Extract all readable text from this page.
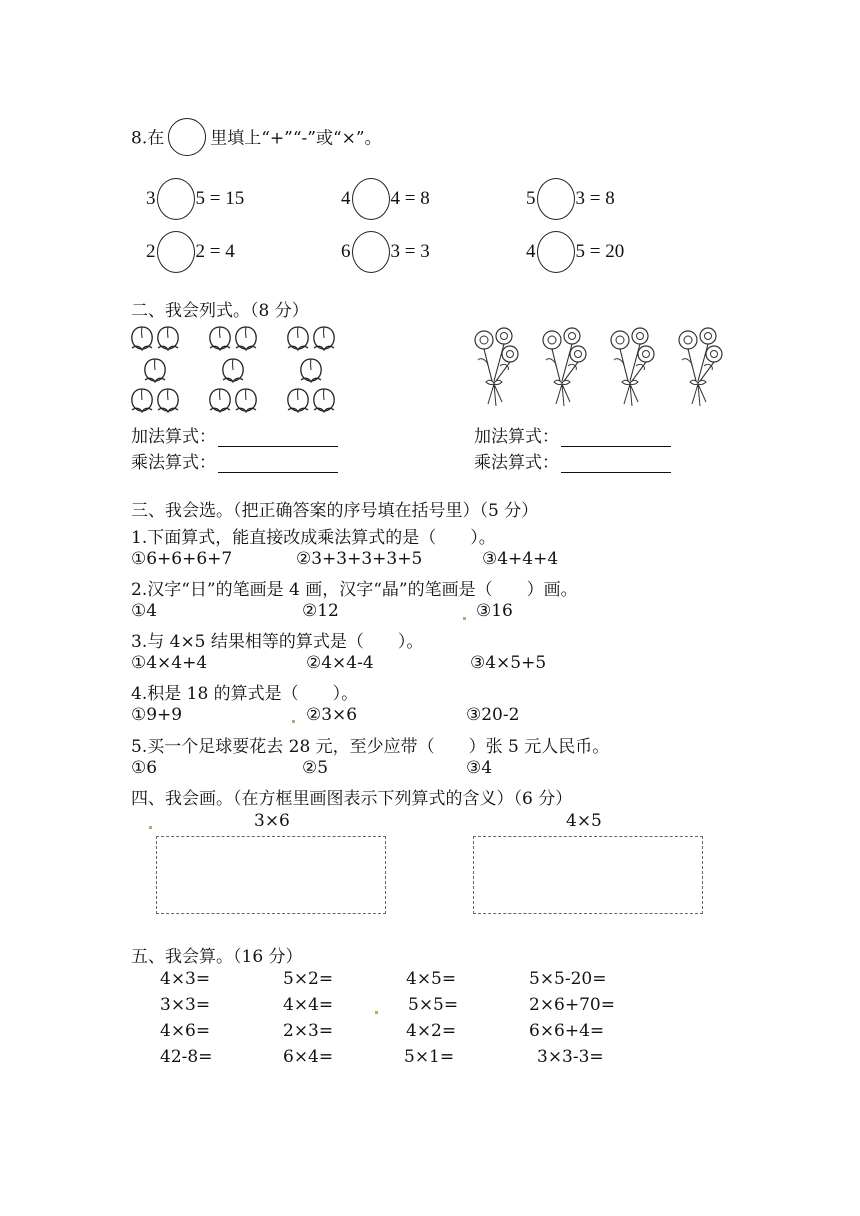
8.在	里填上“+”“-”或“×”。
3 5 = 15	4 4 = 8	5 3 = 8
2 2 = 4	6 3 = 3	4 5 = 20
二、我会列式。（8 分）
加法算式：
乘法算式：
加法算式：
乘法算式：
三、我会选。（把正确答案的序号填在括号里）（5 分）
1.下面算式，能直接改成乘法算式的是（　　）。
①6+6+6+7	②3+3+3+3+5	③4+4+4
2.汉字“日”的笔画是 4 画，汉字“晶”的笔画是（　　）画。
①4	②12	③16
3.与 4×5 结果相等的算式是（　　）。
①4×4+4	②4×4-4	③4×5+5
4.积是 18 的算式是（　　）。
①9+9	②3×6	③20-2
5.买一个足球要花去 28 元，至少应带（　　）张 5 元人民币。
①6	②5	③4
四、我会画。（在方框里画图表示下列算式的含义）（6 分）
3×6	4×5
五、我会算。（16 分）
4×3=	5×2=	4×5=	5×5-20=
3×3=	4×4=	5×5=	2×6+70=
4×6=	2×3=	4×2=	6×6+4=
42-8=	6×4=	5×1=	3×3-3=
